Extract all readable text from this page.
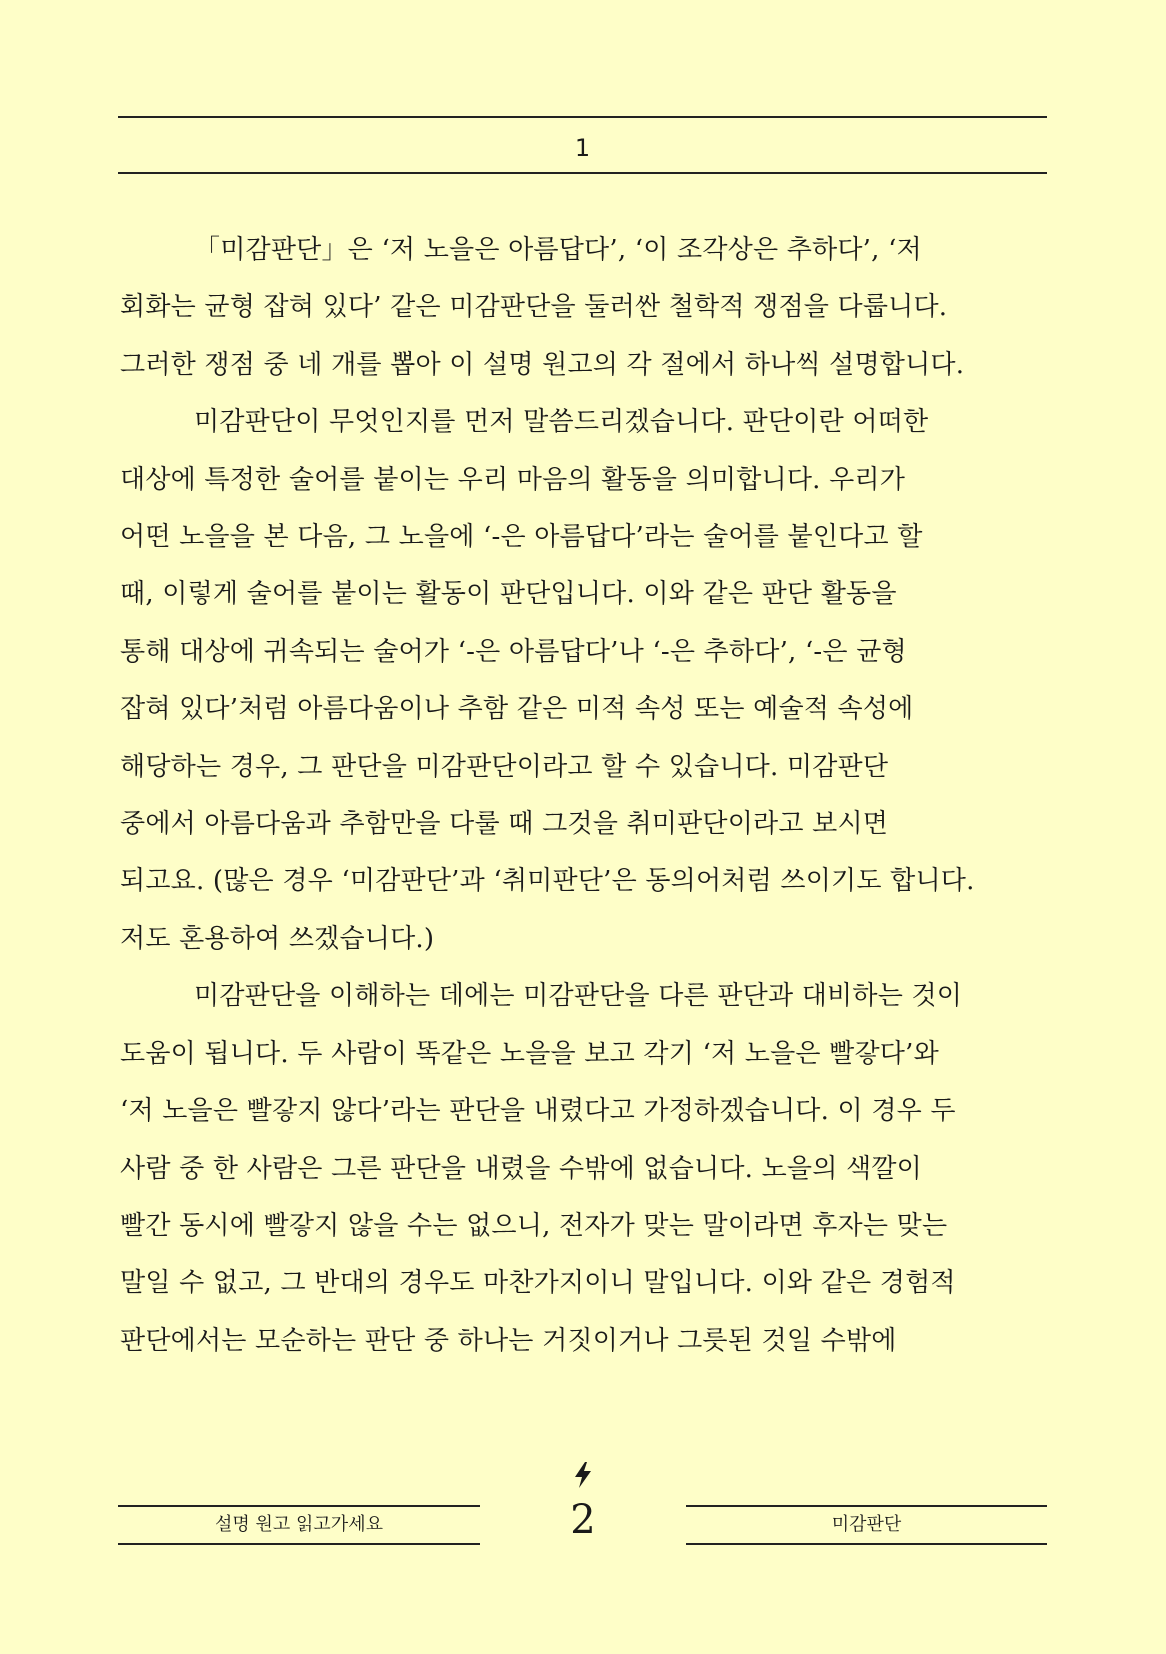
1

「미감판단」은 ‘저 노을은 아름답다’, ‘이 조각상은 추하다’, ‘저
회화는 균형 잡혀 있다’ 같은 미감판단을 둘러싼 철학적 쟁점을 다룹니다.
그러한 쟁점 중 네 개를 뽑아 이 설명 원고의 각 절에서 하나씩 설명합니다.

미감판단이 무엇인지를 먼저 말씀드리겠습니다. 판단이란 어떠한
대상에 특정한 술어를 붙이는 우리 마음의 활동을 의미합니다. 우리가
어떤 노을을 본 다음, 그 노을에 ‘-은 아름답다’라는 술어를 붙인다고 할
때, 이렇게 술어를 붙이는 활동이 판단입니다. 이와 같은 판단 활동을
통해 대상에 귀속되는 술어가 ‘-은 아름답다’나 ‘-은 추하다’, ‘-은 균형
잡혀 있다’처럼 아름다움이나 추함 같은 미적 속성 또는 예술적 속성에
해당하는 경우, 그 판단을 미감판단이라고 할 수 있습니다. 미감판단
중에서 아름다움과 추함만을 다룰 때 그것을 취미판단이라고 보시면
되고요. (많은 경우 ‘미감판단’과 ‘취미판단’은 동의어처럼 쓰이기도 합니다.
저도 혼용하여 쓰겠습니다.)

미감판단을 이해하는 데에는 미감판단을 다른 판단과 대비하는 것이
도움이 됩니다. 두 사람이 똑같은 노을을 보고 각기 ‘저 노을은 빨갛다’와
‘저 노을은 빨갛지 않다’라는 판단을 내렸다고 가정하겠습니다. 이 경우 두
사람 중 한 사람은 그른 판단을 내렸을 수밖에 없습니다. 노을의 색깔이
빨간 동시에 빨갛지 않을 수는 없으니, 전자가 맞는 말이라면 후자는 맞는
말일 수 없고, 그 반대의 경우도 마찬가지이니 말입니다. 이와 같은 경험적
판단에서는 모순하는 판단 중 하나는 거짓이거나 그릇된 것일 수밖에

설명 원고 읽고가세요	2	미감판단
